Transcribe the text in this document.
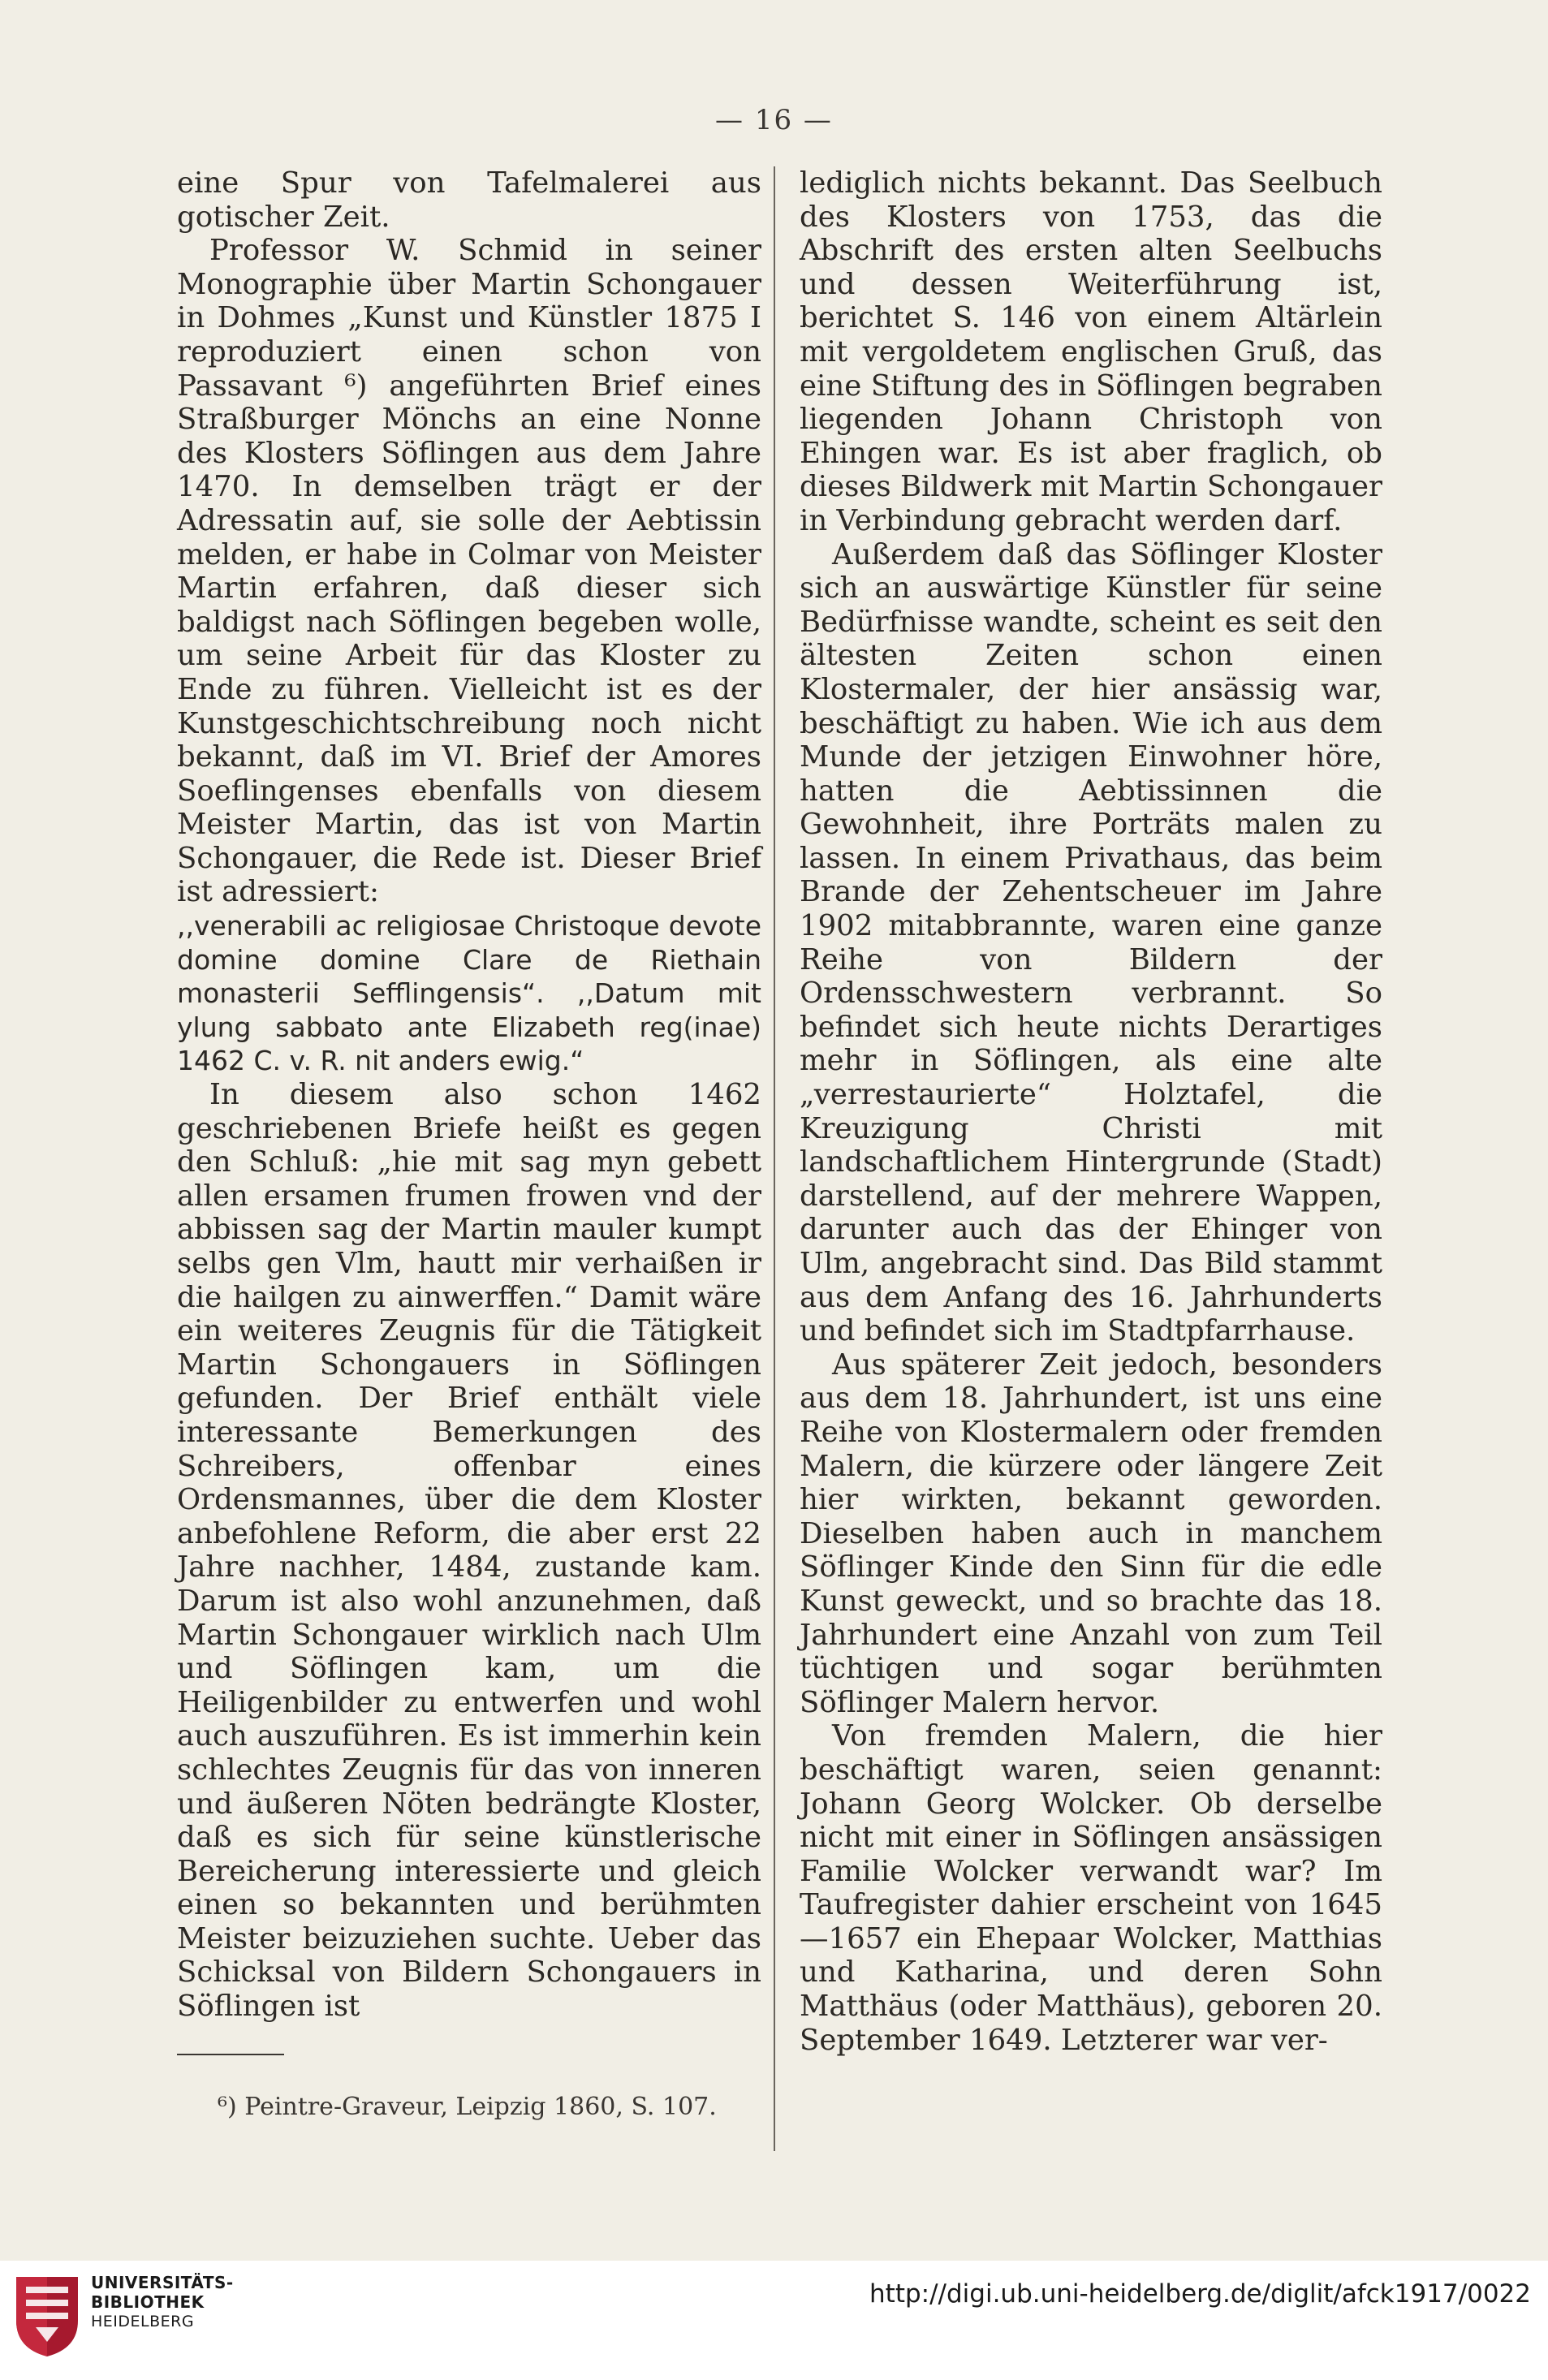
— 16 —

eine Spur von Tafelmalerei aus gotischer Zeit.

Professor W. Schmid in seiner Monographie über Martin Schongauer in Dohmes „Kunst und Künstler 1875 I reproduziert einen schon von Passavant ⁶) angeführten Brief eines Straßburger Mönchs an eine Nonne des Klosters Söflingen aus dem Jahre 1470. In demselben trägt er der Adressatin auf, sie solle der Aebtissin melden, er habe in Colmar von Meister Martin erfahren, daß dieser sich baldigst nach Söflingen begeben wolle, um seine Arbeit für das Kloster zu Ende zu führen. Vielleicht ist es der Kunstgeschichtschreibung noch nicht bekannt, daß im VI. Brief der Amores Soeflingenses ebenfalls von diesem Meister Martin, das ist von Martin Schongauer, die Rede ist. Dieser Brief ist adressiert:

,,venerabili ac religiosae Christoque devote domine domine Clare de Riethain monasterii Sefflingensis“. ,,Datum mit ylung sabbato ante Elizabeth reg(inae) 1462 C. v. R. nit anders ewig.“

In diesem also schon 1462 geschriebenen Briefe heißt es gegen den Schluß: „hie mit sag myn gebett allen ersamen frumen frowen vnd der abbissen sag der Martin mauler kumpt selbs gen Vlm, hautt mir verhaißen ir die hailgen zu ainwerffen.“ Damit wäre ein weiteres Zeugnis für die Tätigkeit Martin Schongauers in Söflingen gefunden. Der Brief enthält viele interessante Bemerkungen des Schreibers, offenbar eines Ordensmannes, über die dem Kloster anbefohlene Reform, die aber erst 22 Jahre nachher, 1484, zustande kam. Darum ist also wohl anzunehmen, daß Martin Schongauer wirklich nach Ulm und Söflingen kam, um die Heiligenbilder zu entwerfen und wohl auch auszuführen. Es ist immerhin kein schlechtes Zeugnis für das von inneren und äußeren Nöten bedrängte Kloster, daß es sich für seine künstlerische Bereicherung interessierte und gleich einen so bekannten und berühmten Meister beizuziehen suchte. Ueber das Schicksal von Bildern Schongauers in Söflingen ist

lediglich nichts bekannt. Das Seelbuch des Klosters von 1753, das die Abschrift des ersten alten Seelbuchs und dessen Weiterführung ist, berichtet S. 146 von einem Altärlein mit vergoldetem englischen Gruß, das eine Stiftung des in Söflingen begraben liegenden Johann Christoph von Ehingen war. Es ist aber fraglich, ob dieses Bildwerk mit Martin Schongauer in Verbindung gebracht werden darf.

Außerdem daß das Söflinger Kloster sich an auswärtige Künstler für seine Bedürfnisse wandte, scheint es seit den ältesten Zeiten schon einen Klostermaler, der hier ansässig war, beschäftigt zu haben. Wie ich aus dem Munde der jetzigen Einwohner höre, hatten die Aebtissinnen die Gewohnheit, ihre Porträts malen zu lassen. In einem Privathaus, das beim Brande der Zehentscheuer im Jahre 1902 mitabbrannte, waren eine ganze Reihe von Bildern der Ordensschwestern verbrannt. So befindet sich heute nichts Derartiges mehr in Söflingen, als eine alte „verrestaurierte“ Holztafel, die Kreuzigung Christi mit landschaftlichem Hintergrunde (Stadt) darstellend, auf der mehrere Wappen, darunter auch das der Ehinger von Ulm, angebracht sind. Das Bild stammt aus dem Anfang des 16. Jahrhunderts und befindet sich im Stadtpfarrhause.

Aus späterer Zeit jedoch, besonders aus dem 18. Jahrhundert, ist uns eine Reihe von Klostermalern oder fremden Malern, die kürzere oder längere Zeit hier wirkten, bekannt geworden. Dieselben haben auch in manchem Söflinger Kinde den Sinn für die edle Kunst geweckt, und so brachte das 18. Jahrhundert eine Anzahl von zum Teil tüchtigen und sogar berühmten Söflinger Malern hervor.

Von fremden Malern, die hier beschäftigt waren, seien genannt: Johann Georg Wolcker. Ob derselbe nicht mit einer in Söflingen ansässigen Familie Wolcker verwandt war? Im Taufregister dahier erscheint von 1645—1657 ein Ehepaar Wolcker, Matthias und Katharina, und deren Sohn Matthäus (oder Matthäus), geboren 20. September 1649. Letzterer war ver-

⁶) Peintre-Graveur, Leipzig 1860, S. 107.
UNIVERSITÄTS-
BIBLIOTHEK
HEIDELBERG
http://digi.ub.uni-heidelberg.de/diglit/afck1917/0022
